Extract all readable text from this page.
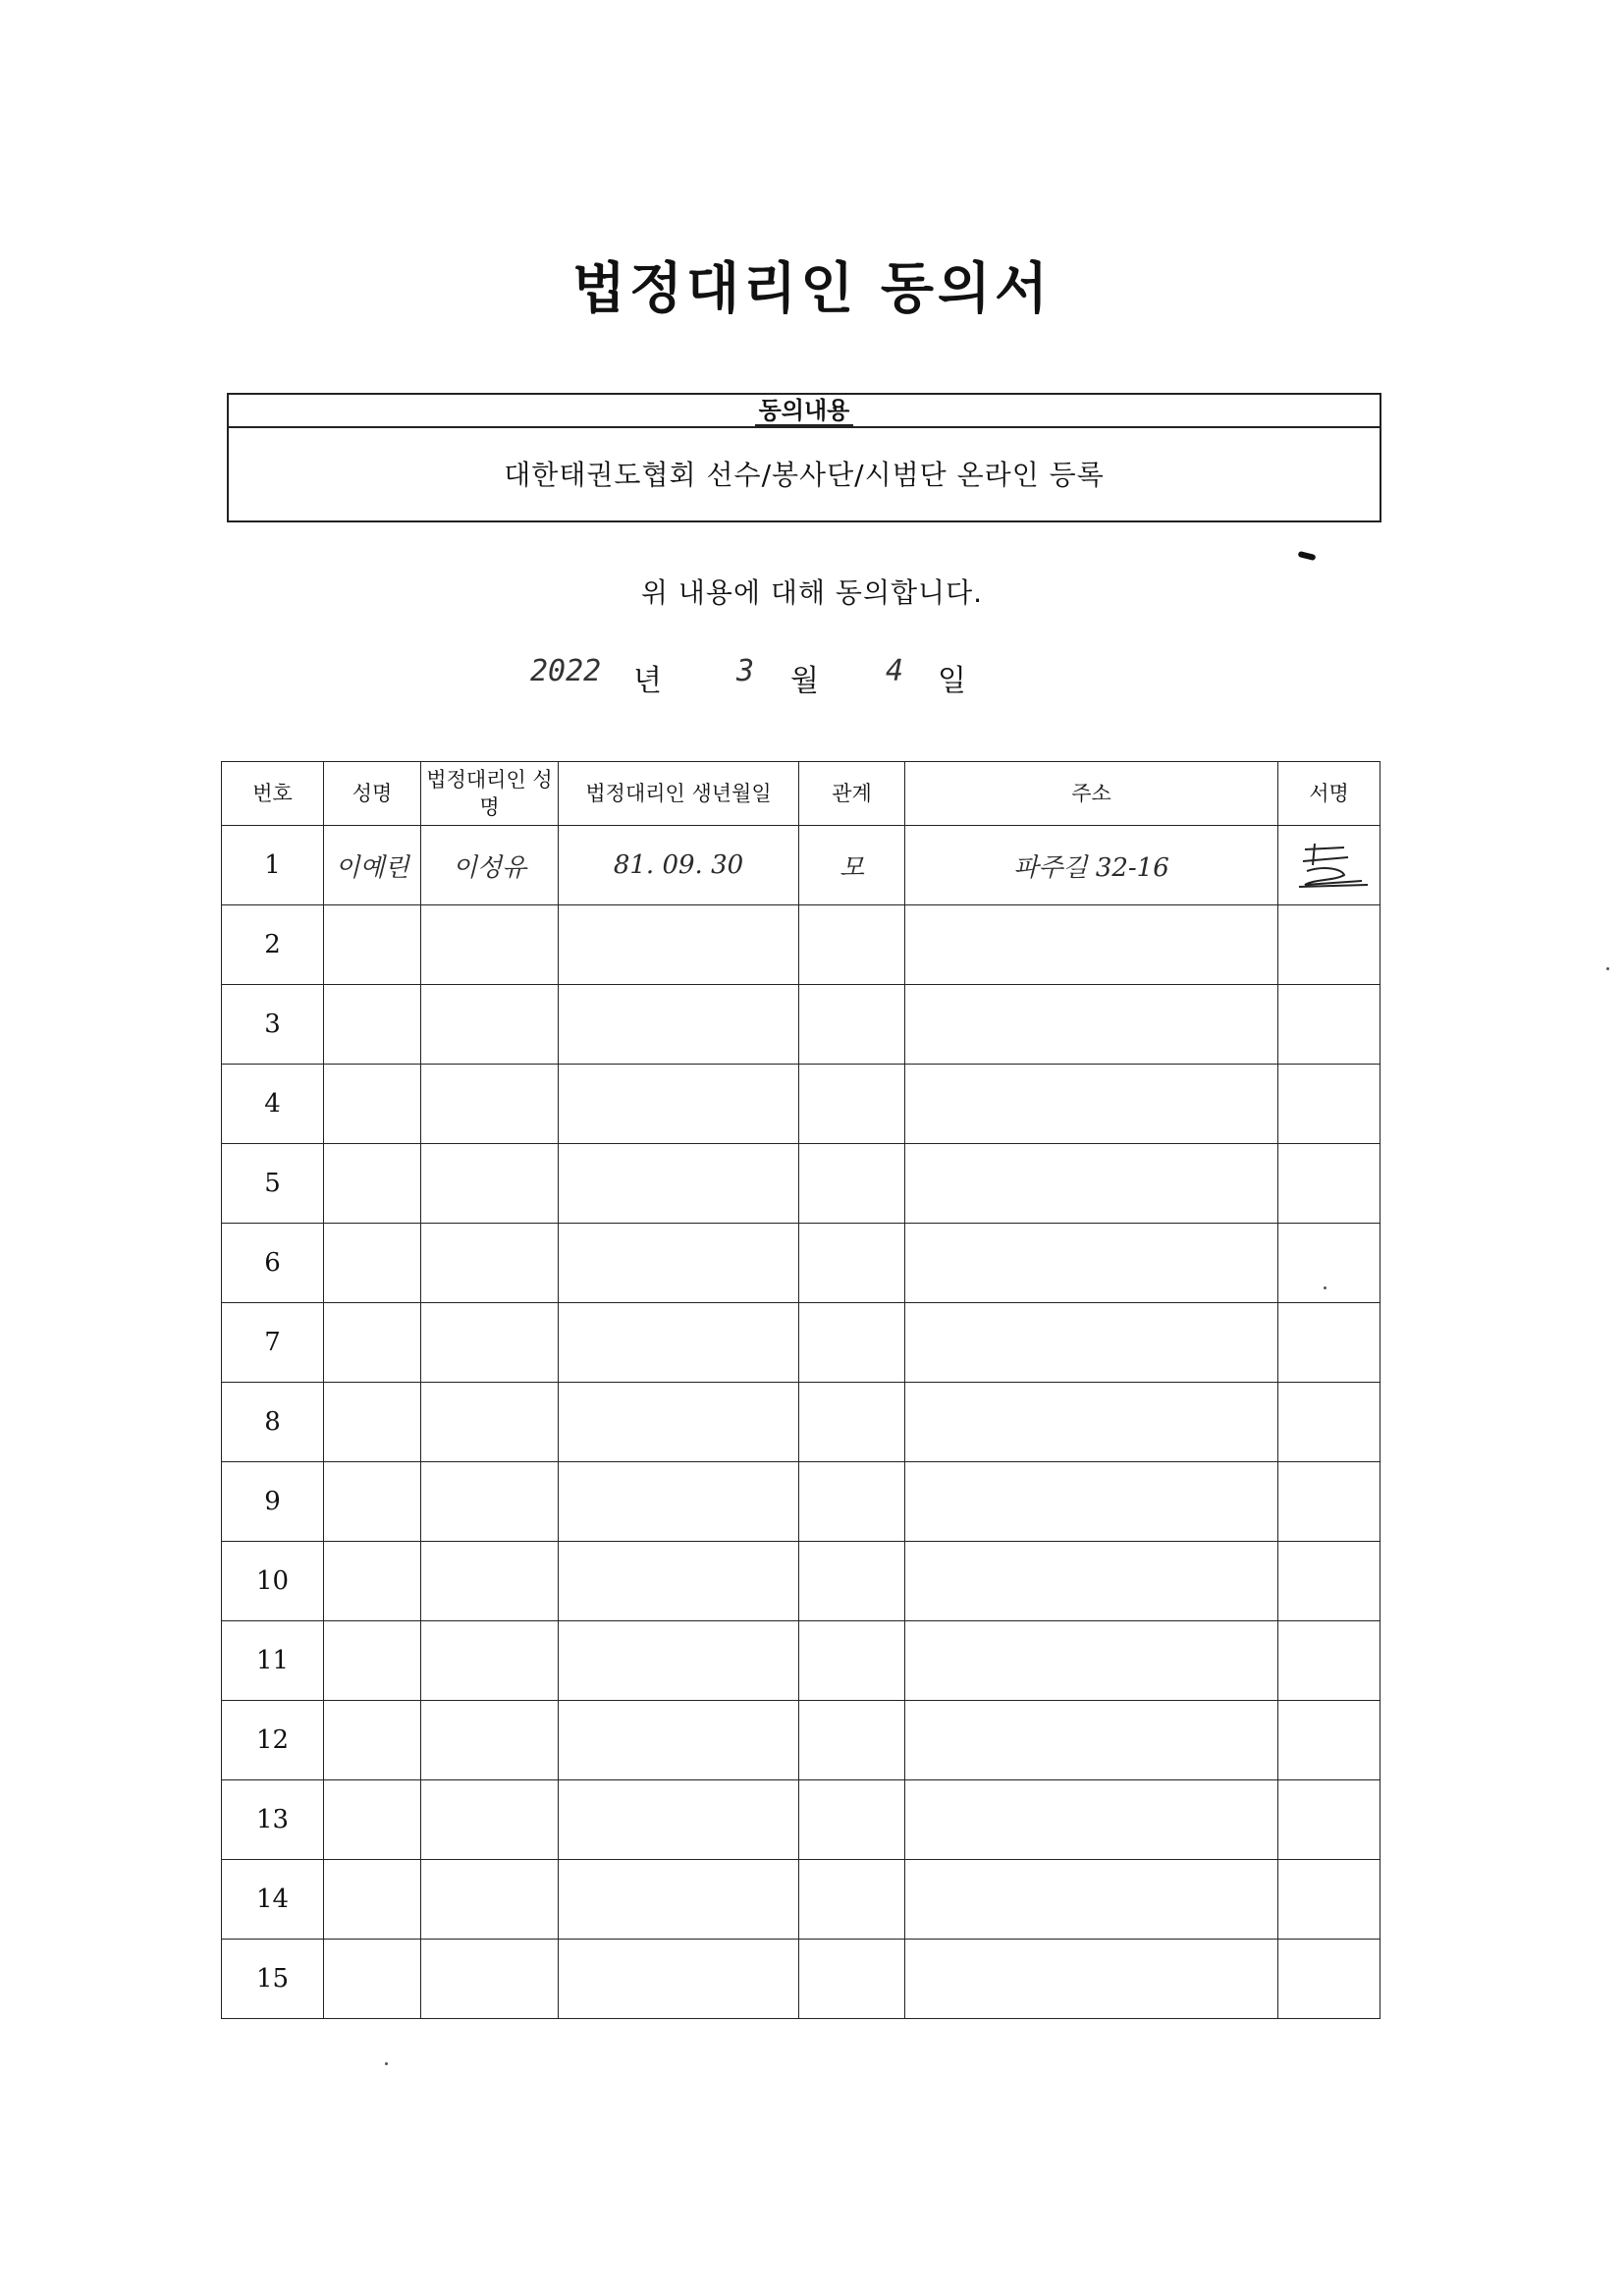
법정대리인 동의서
동의내용
대한태권도협회 선수/봉사단/시범단 온라인 등록
위 내용에 대해 동의합니다.
2022 년	3 월 4 일
번호	성명	법정대리인 성명	법정대리인 생년월일	관계	주소	서명
1	이예린	이성유	81. 09. 30	모	파주길 32-16	

2						
3						
4						
5						
6						
7						
8						
9						
10						
11						
12						
13						
14						
15						
